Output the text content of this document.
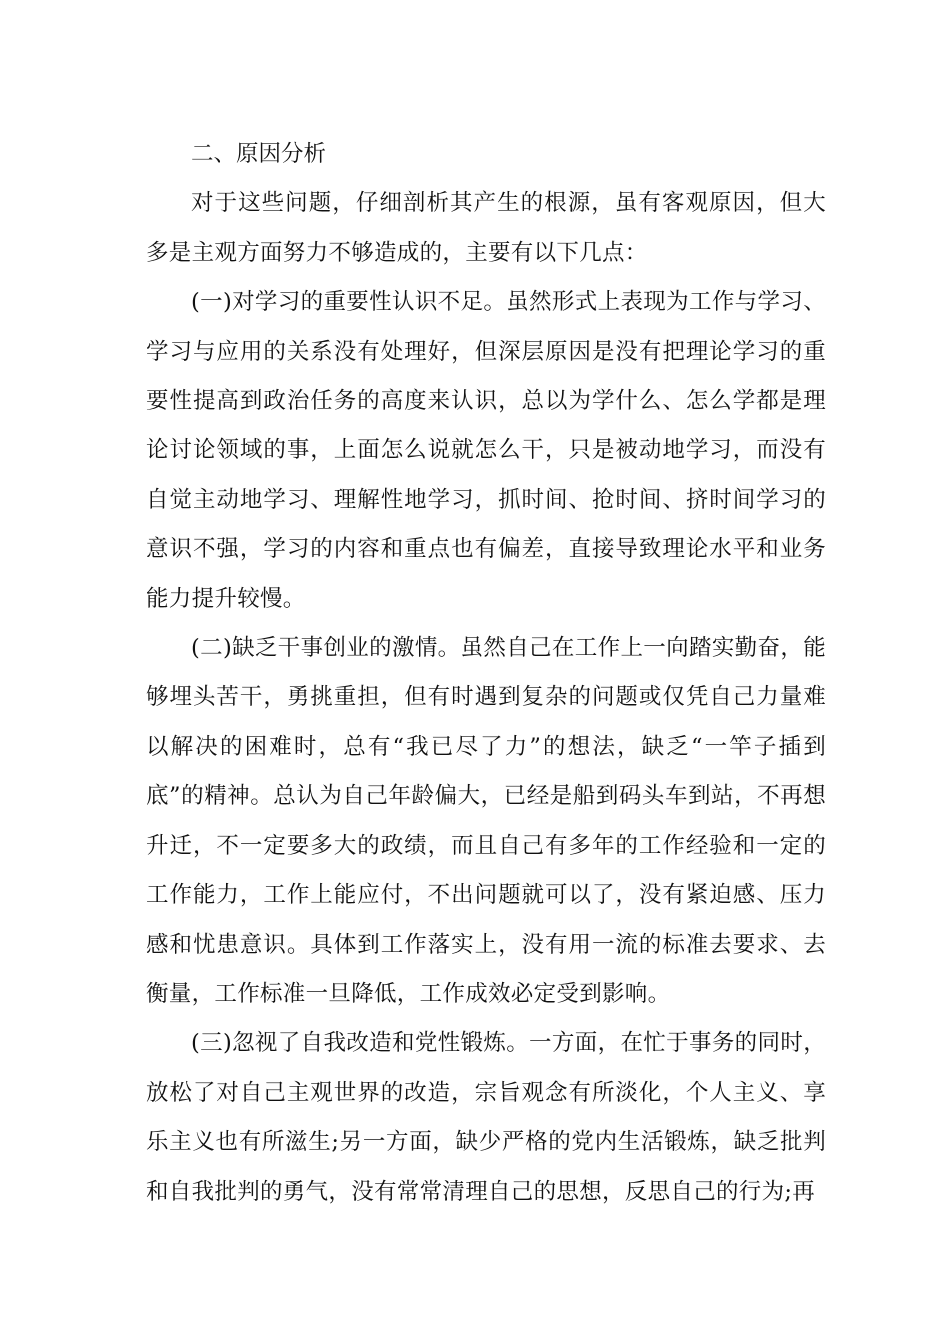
二、原因分析

对于这些问题，仔细剖析其产生的根源，虽有客观原因，但大多是主观方面努力不够造成的，主要有以下几点：

(一)对学习的重要性认识不足。虽然形式上表现为工作与学习、学习与应用的关系没有处理好，但深层原因是没有把理论学习的重要性提高到政治任务的高度来认识，总以为学什么、怎么学都是理论讨论领域的事，上面怎么说就怎么干，只是被动地学习，而没有自觉主动地学习、理解性地学习，抓时间、抢时间、挤时间学习的意识不强，学习的内容和重点也有偏差，直接导致理论水平和业务能力提升较慢。

(二)缺乏干事创业的激情。虽然自己在工作上一向踏实勤奋，能够埋头苦干，勇挑重担，但有时遇到复杂的问题或仅凭自己力量难以解决的困难时，总有“我已尽了力”的想法，缺乏“一竿子插到底”的精神。总认为自己年龄偏大，已经是船到码头车到站，不再想升迁，不一定要多大的政绩，而且自己有多年的工作经验和一定的工作能力，工作上能应付，不出问题就可以了，没有紧迫感、压力感和忧患意识。具体到工作落实上，没有用一流的标准去要求、去衡量，工作标准一旦降低，工作成效必定受到影响。

(三)忽视了自我改造和党性锻炼。一方面，在忙于事务的同时，放松了对自己主观世界的改造，宗旨观念有所淡化，个人主义、享乐主义也有所滋生;另一方面，缺少严格的党内生活锻炼，缺乏批判和自我批判的勇气，没有常常清理自己的思想，反思自己的行为;再
